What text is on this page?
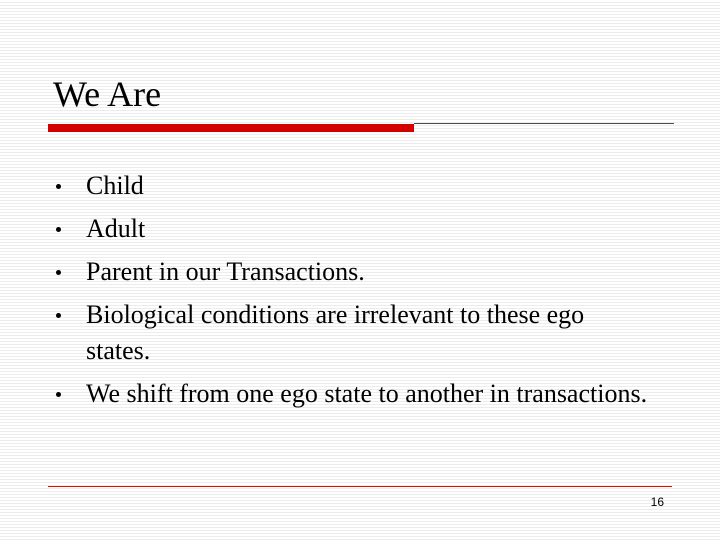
We Are
Child
Adult
Parent in our Transactions.
Biological conditions are irrelevant to these ego states.
We shift from one ego state to another in transactions.
16
